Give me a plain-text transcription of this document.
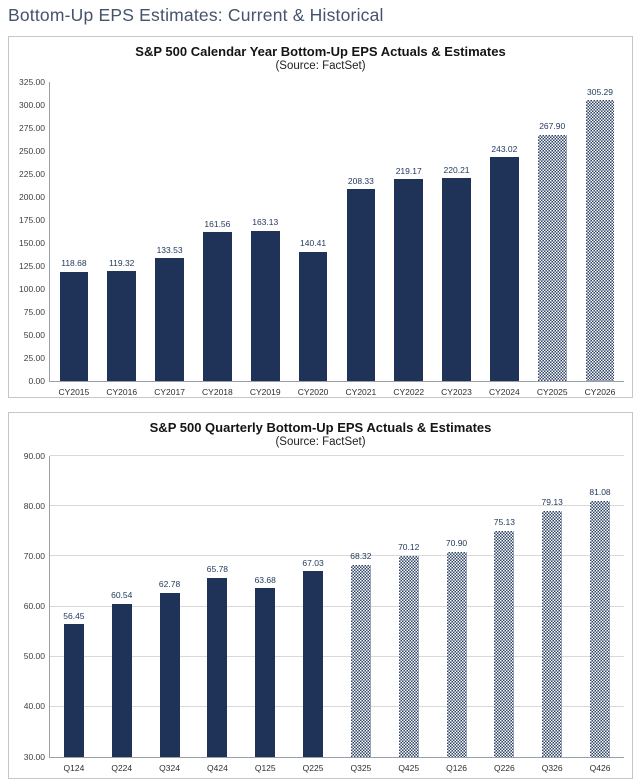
Bottom-Up EPS Estimates: Current & Historical
S&P 500 Calendar Year Bottom-Up EPS Actuals & Estimates
(Source: FactSet)
0.00
25.00
50.00
75.00
100.00
125.00
150.00
175.00
200.00
225.00
250.00
275.00
300.00
325.00
118.68
CY2015
119.32
CY2016
133.53
CY2017
161.56
CY2018
163.13
CY2019
140.41
CY2020
208.33
CY2021
219.17
CY2022
220.21
CY2023
243.02
CY2024
267.90
CY2025
305.29
CY2026
S&P 500 Quarterly Bottom-Up EPS Actuals & Estimates
(Source: FactSet)
30.00
40.00
50.00
60.00
70.00
80.00
90.00
56.45
Q124
60.54
Q224
62.78
Q324
65.78
Q424
63.68
Q125
67.03
Q225
68.32
Q325
70.12
Q425
70.90
Q126
75.13
Q226
79.13
Q326
81.08
Q426
